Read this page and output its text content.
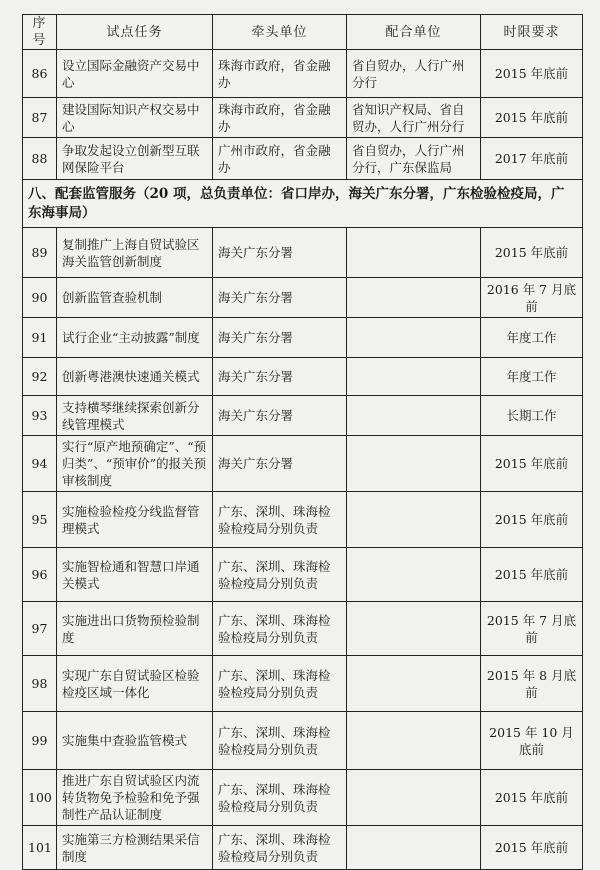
序号	试点任务	牵头单位	配合单位	时限要求
86	设立国际金融资产交易中心	珠海市政府，省金融办	省自贸办，人行广州分行	2015 年底前
87	建设国际知识产权交易中心	珠海市政府，省金融办	省知识产权局、省自贸办，人行广州分行	2015 年底前
88	争取发起设立创新型互联网保险平台	广州市政府，省金融办	省自贸办，人行广州分行，广东保监局	2017 年底前
八、配套监管服务（20 项，总负责单位：省口岸办，海关广东分署，广东检验检疫局，广东海事局）				
89	复制推广上海自贸试验区海关监管创新制度	海关广东分署		2015 年底前
90	创新监管查验机制	海关广东分署		2016 年 7 月底前
91	试行企业“主动披露”制度	海关广东分署		年度工作
92	创新粤港澳快速通关模式	海关广东分署		年度工作
93	支持横琴继续探索创新分线管理模式	海关广东分署		长期工作
94	实行“原产地预确定”、“预归类”、“预审价”的报关预审核制度	海关广东分署		2015 年底前
95	实施检验检疫分线监督管理模式	广东、深圳、珠海检验检疫局分别负责		2015 年底前
96	实施智检通和智慧口岸通关模式	广东、深圳、珠海检验检疫局分别负责		2015 年底前
97	实施进出口货物预检验制度	广东、深圳、珠海检验检疫局分别负责		2015 年 7 月底前
98	实现广东自贸试验区检验检疫区域一体化	广东、深圳、珠海检验检疫局分别负责		2015 年 8 月底前
99	实施集中查验监管模式	广东、深圳、珠海检验检疫局分别负责		2015 年 10 月底前
100	推进广东自贸试验区内流转货物免予检验和免予强制性产品认证制度	广东、深圳、珠海检验检疫局分别负责		2015 年底前
101	实施第三方检测结果采信制度	广东、深圳、珠海检验检疫局分别负责		2015 年底前
